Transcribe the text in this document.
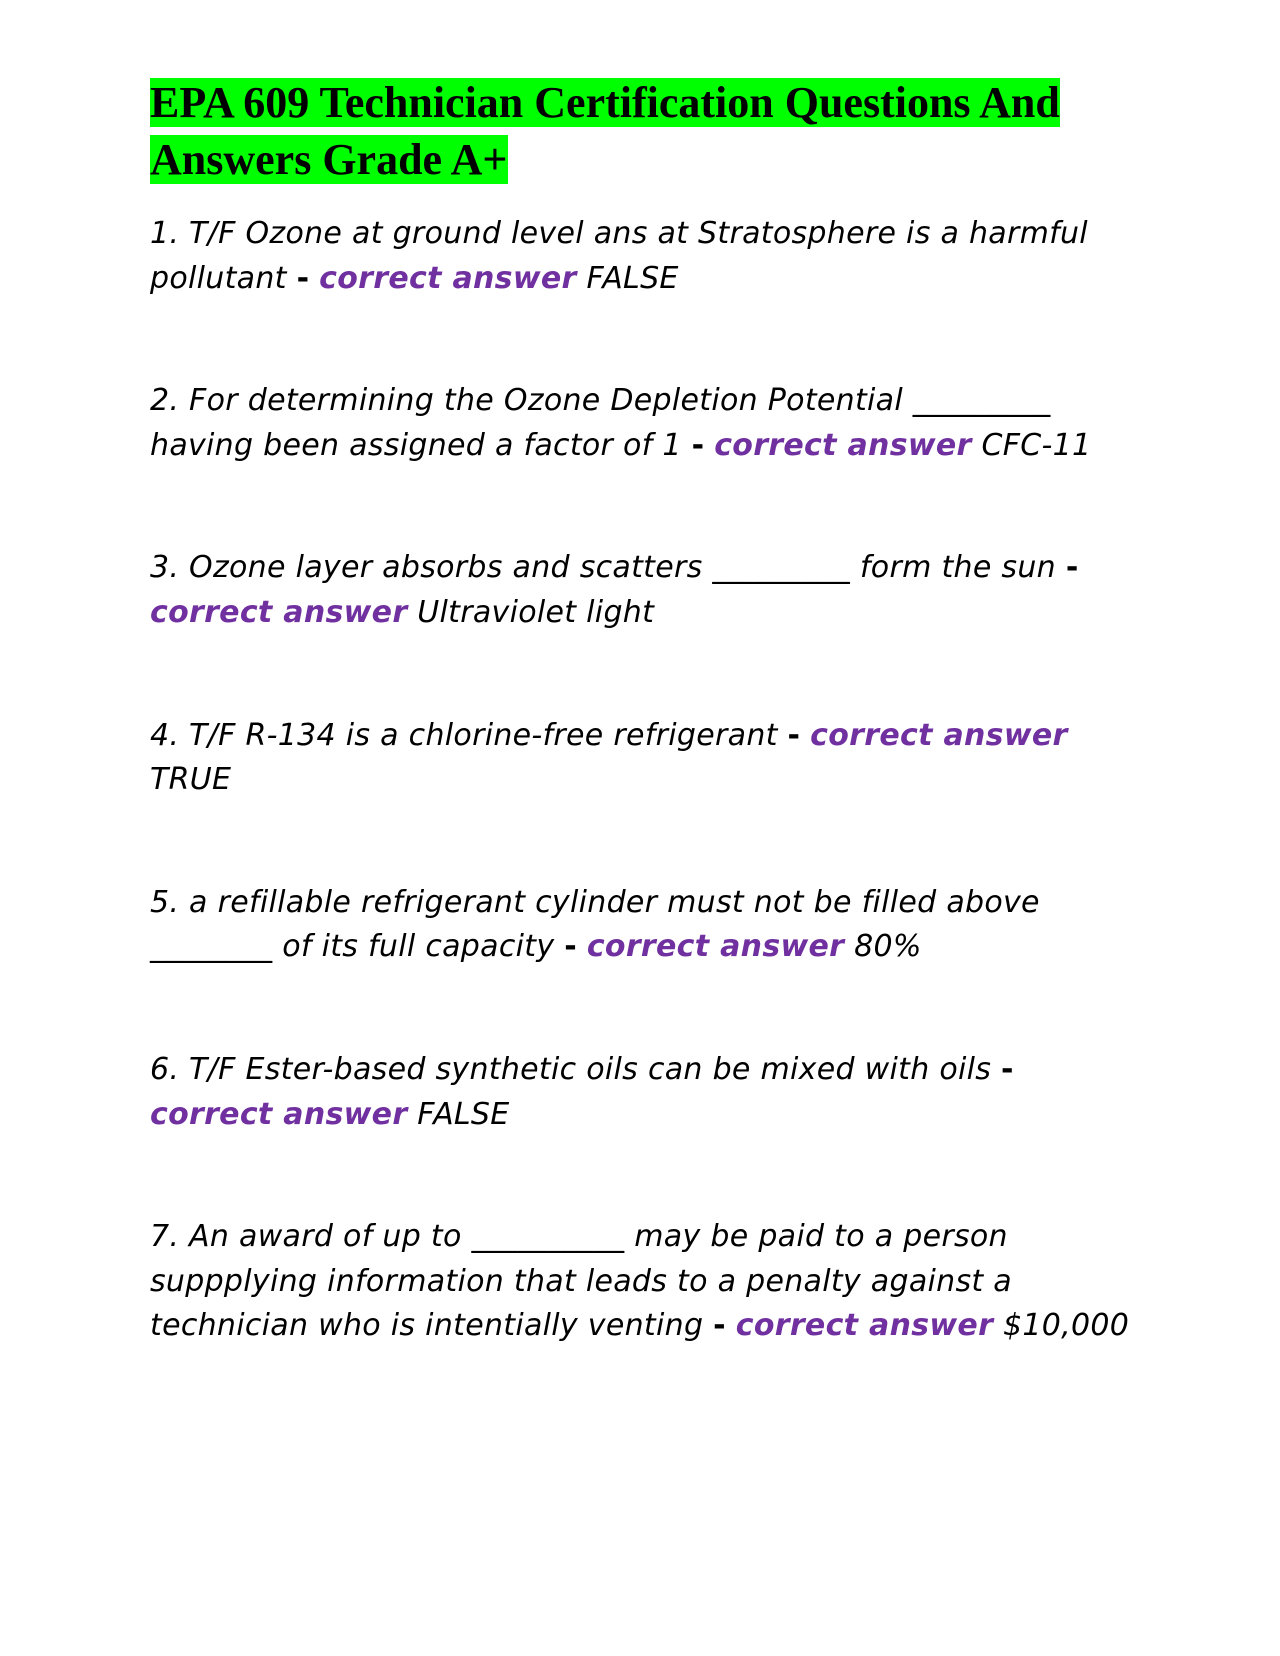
EPA 609 Technician Certification Questions And Answers Grade A+

1. T/F Ozone at ground level ans at Stratosphere is a harmful pollutant - correct answer FALSE

2. For determining the Ozone Depletion Potential _________ having been assigned a factor of 1 - correct answer CFC-11

3. Ozone layer absorbs and scatters _________ form the sun - correct answer Ultraviolet light

4. T/F R-134 is a chlorine-free refrigerant - correct answer TRUE

5. a refillable refrigerant cylinder must not be filled above ________ of its full capacity - correct answer 80%

6. T/F Ester-based synthetic oils can be mixed with oils - correct answer FALSE

7. An award of up to __________ may be paid to a person suppplying information that leads to a penalty against a technician who is intentially venting - correct answer $10,000
